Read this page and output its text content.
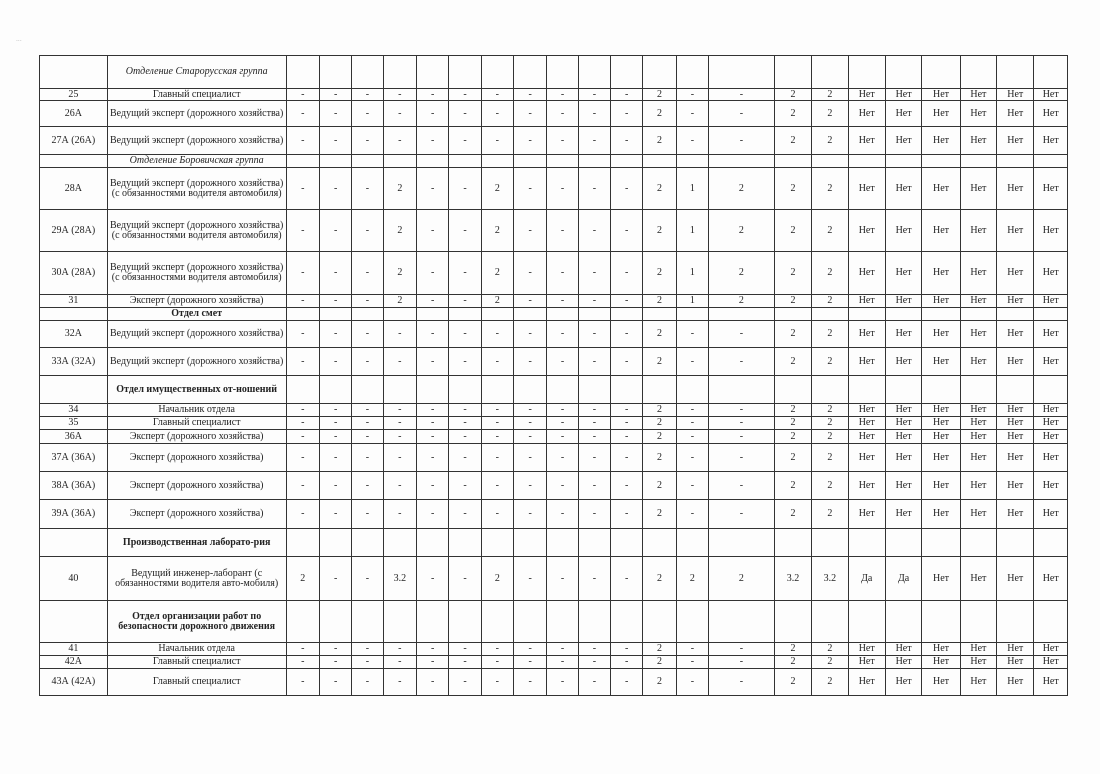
...
	Отделение Старорусская группа																						
25	Главный специалист	-	-	-	-	-	-	-	-	-	-	-	2	-	-	2	2	Нет	Нет	Нет	Нет	Нет	Нет
26А	Ведущий эксперт (дорожного хозяйства)	-	-	-	-	-	-	-	-	-	-	-	2	-	-	2	2	Нет	Нет	Нет	Нет	Нет	Нет
27А (26А)	Ведущий эксперт (дорожного хозяйства)	-	-	-	-	-	-	-	-	-	-	-	2	-	-	2	2	Нет	Нет	Нет	Нет	Нет	Нет
	Отделение Боровичская группа																						
28А	Ведущий эксперт (дорожного хозяйства) (с обязанностями водителя автомобиля)	-	-	-	2	-	-	2	-	-	-	-	2	1	2	2	2	Нет	Нет	Нет	Нет	Нет	Нет
29А (28А)	Ведущий эксперт (дорожного хозяйства) (с обязанностями водителя автомобиля)	-	-	-	2	-	-	2	-	-	-	-	2	1	2	2	2	Нет	Нет	Нет	Нет	Нет	Нет
30А (28А)	Ведущий эксперт (дорожного хозяйства) (с обязанностями водителя автомобиля)	-	-	-	2	-	-	2	-	-	-	-	2	1	2	2	2	Нет	Нет	Нет	Нет	Нет	Нет
31	Эксперт (дорожного хозяйства)	-	-	-	2	-	-	2	-	-	-	-	2	1	2	2	2	Нет	Нет	Нет	Нет	Нет	Нет
	Отдел смет																						
32А	Ведущий эксперт (дорожного хозяйства)	-	-	-	-	-	-	-	-	-	-	-	2	-	-	2	2	Нет	Нет	Нет	Нет	Нет	Нет
33А (32А)	Ведущий эксперт (дорожного хозяйства)	-	-	-	-	-	-	-	-	-	-	-	2	-	-	2	2	Нет	Нет	Нет	Нет	Нет	Нет
	Отдел имущественных от-ношений																						
34	Начальник отдела	-	-	-	-	-	-	-	-	-	-	-	2	-	-	2	2	Нет	Нет	Нет	Нет	Нет	Нет
35	Главный специалист	-	-	-	-	-	-	-	-	-	-	-	2	-	-	2	2	Нет	Нет	Нет	Нет	Нет	Нет
36А	Эксперт (дорожного хозяйства)	-	-	-	-	-	-	-	-	-	-	-	2	-	-	2	2	Нет	Нет	Нет	Нет	Нет	Нет
37А (36А)	Эксперт (дорожного хозяйства)	-	-	-	-	-	-	-	-	-	-	-	2	-	-	2	2	Нет	Нет	Нет	Нет	Нет	Нет
38А (36А)	Эксперт (дорожного хозяйства)	-	-	-	-	-	-	-	-	-	-	-	2	-	-	2	2	Нет	Нет	Нет	Нет	Нет	Нет
39А (36А)	Эксперт (дорожного хозяйства)	-	-	-	-	-	-	-	-	-	-	-	2	-	-	2	2	Нет	Нет	Нет	Нет	Нет	Нет
	Производственная лаборато-рия																						
40	Ведущий инженер-лаборант (с обязанностями водителя авто-мобиля)	2	-	-	3.2	-	-	2	-	-	-	-	2	2	2	3.2	3.2	Да	Да	Нет	Нет	Нет	Нет
	Отдел организации работ по безопасности дорожного движения																						
41	Начальник отдела	-	-	-	-	-	-	-	-	-	-	-	2	-	-	2	2	Нет	Нет	Нет	Нет	Нет	Нет
42А	Главный специалист	-	-	-	-	-	-	-	-	-	-	-	2	-	-	2	2	Нет	Нет	Нет	Нет	Нет	Нет
43А (42А)	Главный специалист	-	-	-	-	-	-	-	-	-	-	-	2	-	-	2	2	Нет	Нет	Нет	Нет	Нет	Нет
